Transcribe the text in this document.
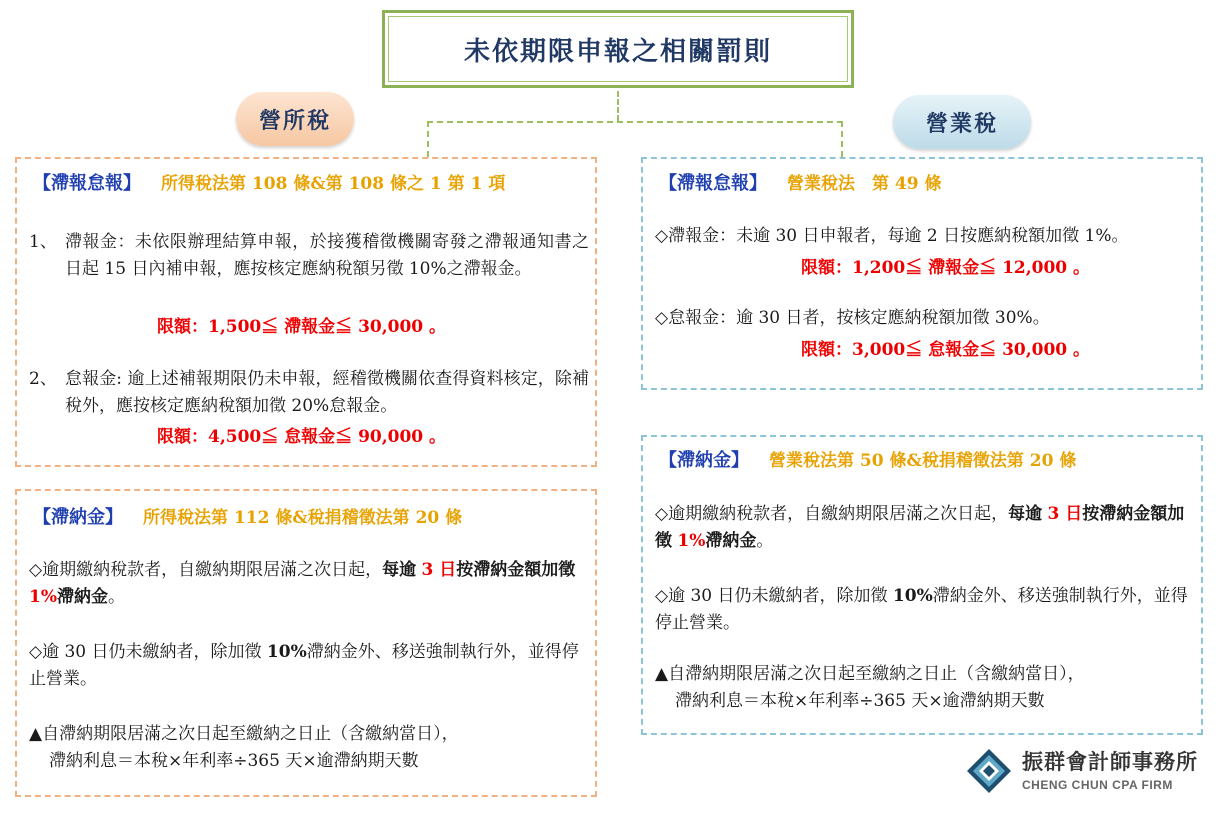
未依期限申報之相關罰則
營所稅	營業稅
【滯報怠報】 所得稅法第 108 條&第 108 條之 1 第 1 項
1、 滯報金：未依限辦理結算申報，於接獲稽徵機關寄發之滯報通知書之日起 15 日內補申報，應按核定應納稅額另徵 10%之滯報金。
限額：1,500≦ 滯報金≦ 30,000 。
2、 怠報金: 逾上述補報期限仍未申報，經稽徵機關依查得資料核定，除補稅外，應按核定應納稅額加徵 20%怠報金。
限額：4,500≦ 怠報金≦ 90,000 。
【滯納金】 所得稅法第 112 條&稅捐稽徵法第 20 條
◇逾期繳納稅款者，自繳納期限居滿之次日起，每逾 3 日按滯納金額加徵 1%滯納金。
◇逾 30 日仍未繳納者，除加徵 10%滯納金外、移送強制執行外，並得停止營業。
▲自滯納期限居滿之次日起至繳納之日止（含繳納當日），
滯納利息＝本稅×年利率÷365 天×逾滯納期天數
【滯報怠報】 營業稅法　第 49 條
◇滯報金：未逾 30 日申報者，每逾 2 日按應納稅額加徵 1%。
限額：1,200≦ 滯報金≦ 12,000 。
◇怠報金：逾 30 日者，按核定應納稅額加徵 30%。
限額：3,000≦ 怠報金≦ 30,000 。
【滯納金】 營業稅法第 50 條&稅捐稽徵法第 20 條
◇逾期繳納稅款者，自繳納期限居滿之次日起，每逾 3 日按滯納金額加徵 1%滯納金。
◇逾 30 日仍未繳納者，除加徵 10%滯納金外、移送強制執行外，並得停止營業。
▲自滯納期限居滿之次日起至繳納之日止（含繳納當日），
滯納利息＝本稅×年利率÷365 天×逾滯納期天數
振群會計師事務所
CHENG CHUN CPA FIRM
